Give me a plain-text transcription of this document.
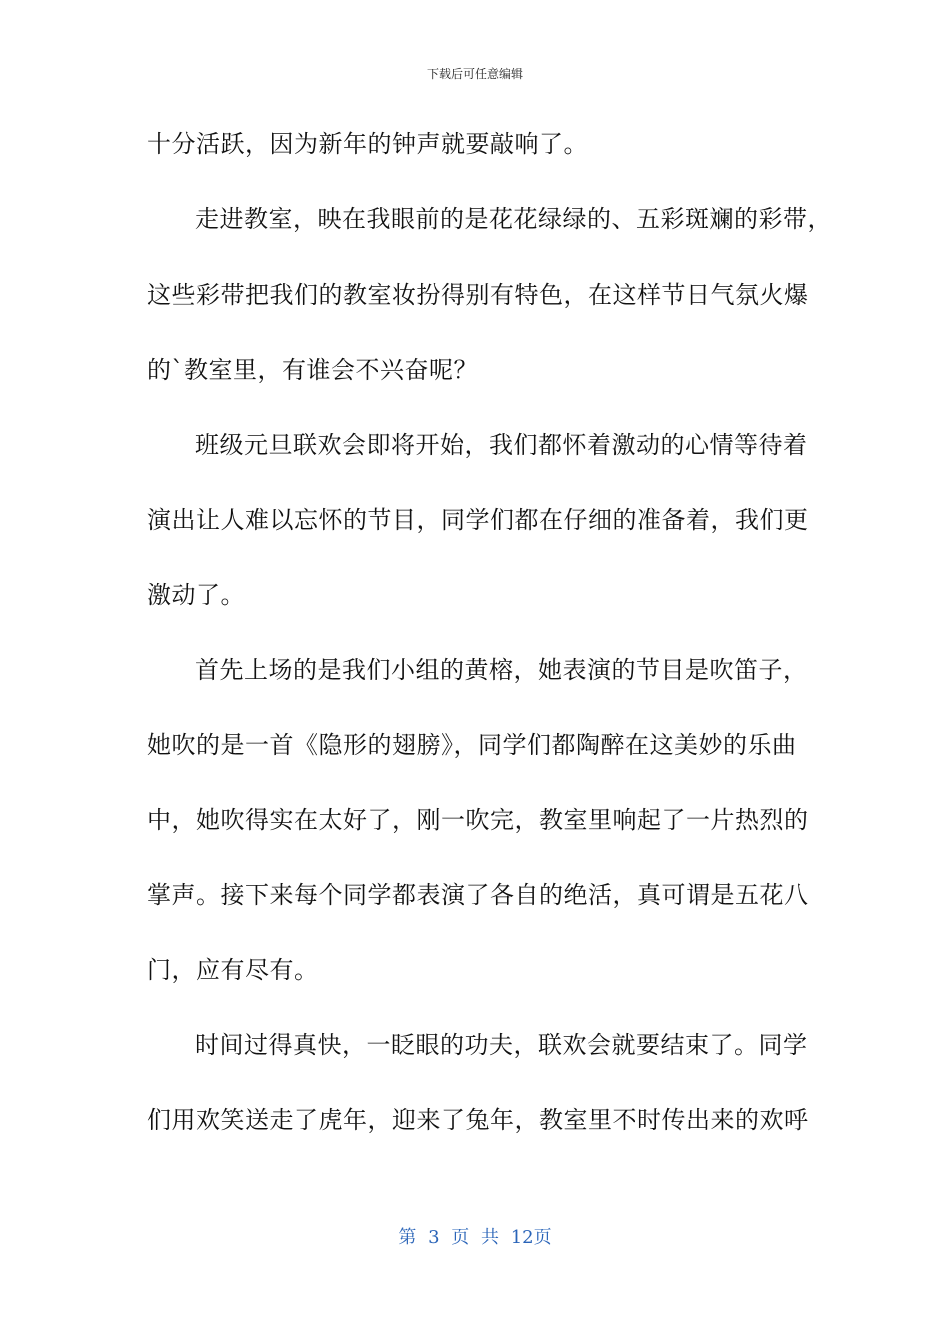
下载后可任意编辑
十分活跃，因为新年的钟声就要敲响了。
走进教室，映在我眼前的是花花绿绿的、五彩斑斓的彩带，
这些彩带把我们的教室妆扮得别有特色，在这样节日气氛火爆
的`教室里，有谁会不兴奋呢？
班级元旦联欢会即将开始，我们都怀着激动的心情等待着
演出让人难以忘怀的节目，同学们都在仔细的准备着，我们更
激动了。
首先上场的是我们小组的黄榕，她表演的节目是吹笛子，
她吹的是一首《隐形的翅膀》，同学们都陶醉在这美妙的乐曲
中，她吹得实在太好了，刚一吹完，教室里响起了一片热烈的
掌声。接下来每个同学都表演了各自的绝活，真可谓是五花八
门，应有尽有。
时间过得真快，一眨眼的功夫，联欢会就要结束了。同学
们用欢笑送走了虎年，迎来了兔年，教室里不时传出来的欢呼
第 3 页 共 12页
